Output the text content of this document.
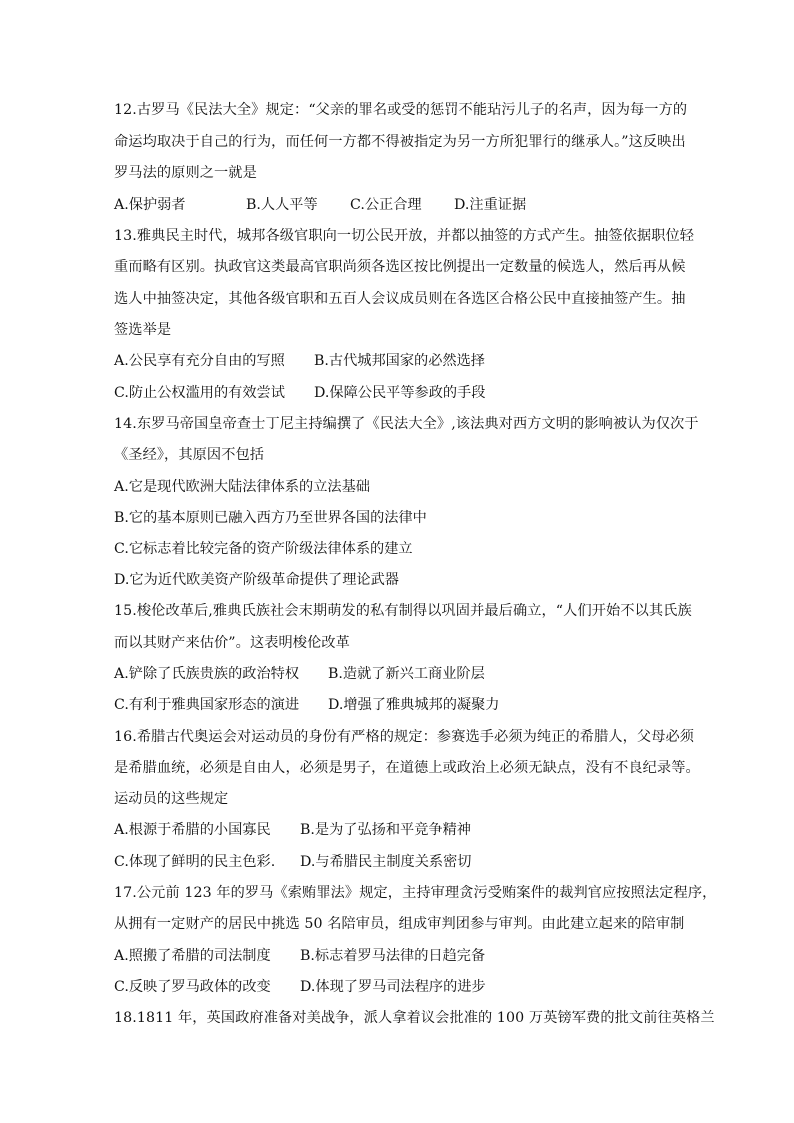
12.古罗马《民法大全》规定：“父亲的罪名或受的惩罚不能玷污儿子的名声，因为每一方的
命运均取决于自己的行为，而任何一方都不得被指定为另一方所犯罪行的继承人。”这反映出
罗马法的原则之一就是
A.保护弱者	B.人人平等 C.公正合理 D.注重证据
13.雅典民主时代，城邦各级官职向一切公民开放，并都以抽签的方式产生。抽签依据职位轻
重而略有区别。执政官这类最高官职尚须各选区按比例提出一定数量的候选人，然后再从候
选人中抽签决定，其他各级官职和五百人会议成员则在各选区合格公民中直接抽签产生。抽
签选举是
A.公民享有充分自由的写照 B.古代城邦国家的必然选择
C.防止公权滥用的有效尝试 D.保障公民平等参政的手段
14.东罗马帝国皇帝查士丁尼主持编撰了《民法大全》,该法典对西方文明的影响被认为仅次于
《圣经》，其原因不包括
A.它是现代欧洲大陆法律体系的立法基础
B.它的基本原则已融入西方乃至世界各国的法律中
C.它标志着比较完备的资产阶级法律体系的建立
D.它为近代欧美资产阶级革命提供了理论武器
15.梭伦改革后,雅典氏族社会末期萌发的私有制得以巩固并最后确立，“人们开始不以其氏族
而以其财产来估价”。这表明梭伦改革
A.铲除了氏族贵族的政治特权 B.造就了新兴工商业阶层
C.有利于雅典国家形态的演进 D.增强了雅典城邦的凝聚力
16.希腊古代奥运会对运动员的身份有严格的规定：参赛选手必须为纯正的希腊人，父母必须
是希腊血统，必须是自由人，必须是男子，在道德上或政治上必须无缺点，没有不良纪录等。
运动员的这些规定
A.根源于希腊的小国寡民 B.是为了弘扬和平竞争精神
C.体现了鲜明的民主色彩. D.与希腊民主制度关系密切
17.公元前 123 年的罗马《索贿罪法》规定，主持审理贪污受贿案件的裁判官应按照法定程序，
从拥有一定财产的居民中挑选 50 名陪审员，组成审判团参与审判。由此建立起来的陪审制
A.照搬了希腊的司法制度 B.标志着罗马法律的日趋完备
C.反映了罗马政体的改变 D.体现了罗马司法程序的进步
18.1811 年，英国政府准备对美战争，派人拿着议会批准的 100 万英镑军费的批文前往英格兰
